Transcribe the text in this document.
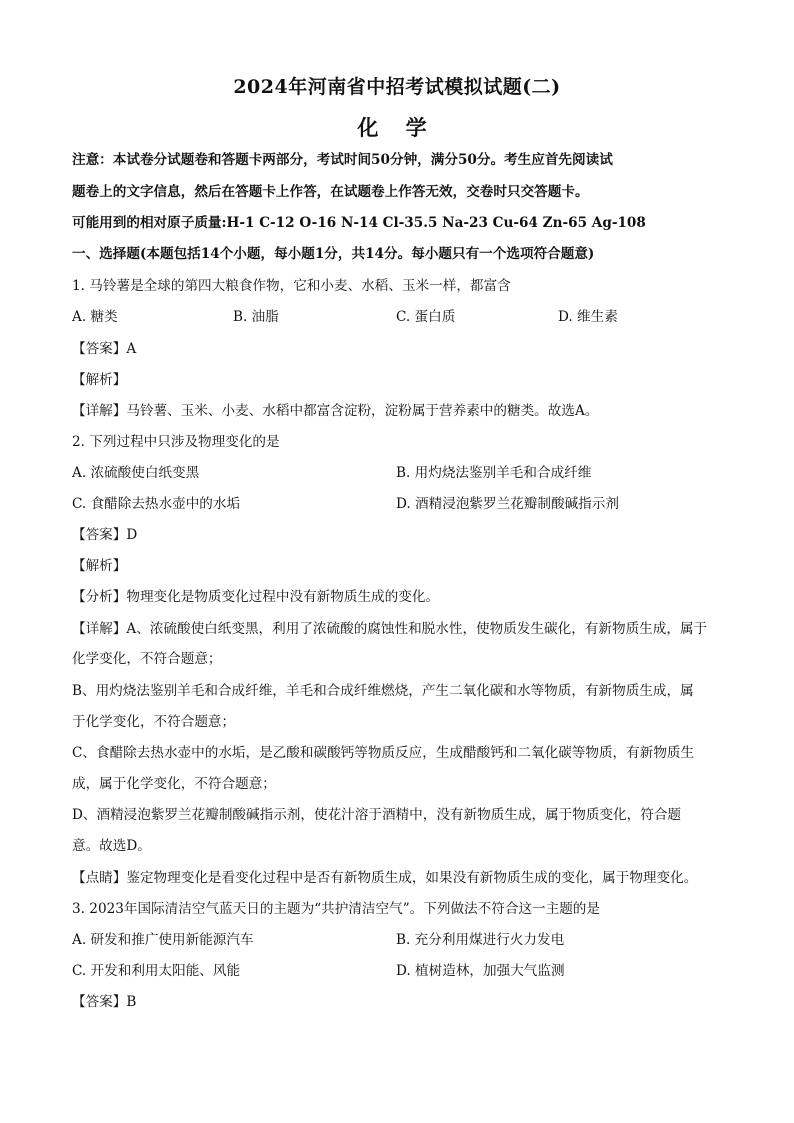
2024年河南省中招考试模拟试题(二)
化 学
注意：本试卷分试题卷和答题卡两部分，考试时间50分钟，满分50分。考生应首先阅读试
题卷上的文字信息，然后在答题卡上作答，在试题卷上作答无效，交卷时只交答题卡。
可能用到的相对原子质量:H-1 C-12 O-16 N-14 Cl-35.5 Na-23 Cu-64 Zn-65 Ag-108
一、选择题(本题包括14个小题，每小题1分，共14分。每小题只有一个选项符合题意)
1. 马铃薯是全球的第四大粮食作物，它和小麦、水稻、玉米一样，都富含
A. 糖类	B. 油脂	C. 蛋白质	D. 维生素
【答案】A
【解析】
【详解】马铃薯、玉米、小麦、水稻中都富含淀粉，淀粉属于营养素中的糖类。故选A。
2. 下列过程中只涉及物理变化的是
A. 浓硫酸使白纸变黑	B. 用灼烧法鉴别羊毛和合成纤维
C. 食醋除去热水壶中的水垢	D. 酒精浸泡紫罗兰花瓣制酸碱指示剂
【答案】D
【解析】
【分析】物理变化是物质变化过程中没有新物质生成的变化。
【详解】A、浓硫酸使白纸变黑，利用了浓硫酸的腐蚀性和脱水性，使物质发生碳化，有新物质生成，属于
化学变化，不符合题意；
B、用灼烧法鉴别羊毛和合成纤维，羊毛和合成纤维燃烧，产生二氧化碳和水等物质，有新物质生成，属
于化学变化，不符合题意；
C、食醋除去热水壶中的水垢，是乙酸和碳酸钙等物质反应，生成醋酸钙和二氧化碳等物质，有新物质生
成，属于化学变化，不符合题意；
D、酒精浸泡紫罗兰花瓣制酸碱指示剂，使花汁溶于酒精中，没有新物质生成，属于物质变化，符合题
意。故选D。
【点睛】鉴定物理变化是看变化过程中是否有新物质生成，如果没有新物质生成的变化，属于物理变化。
3. 2023年国际清洁空气蓝天日的主题为“共护清洁空气”。下列做法不符合这一主题的是
A. 研发和推广使用新能源汽车	B. 充分利用煤进行火力发电
C. 开发和利用太阳能、风能	D. 植树造林，加强大气监测
【答案】B
